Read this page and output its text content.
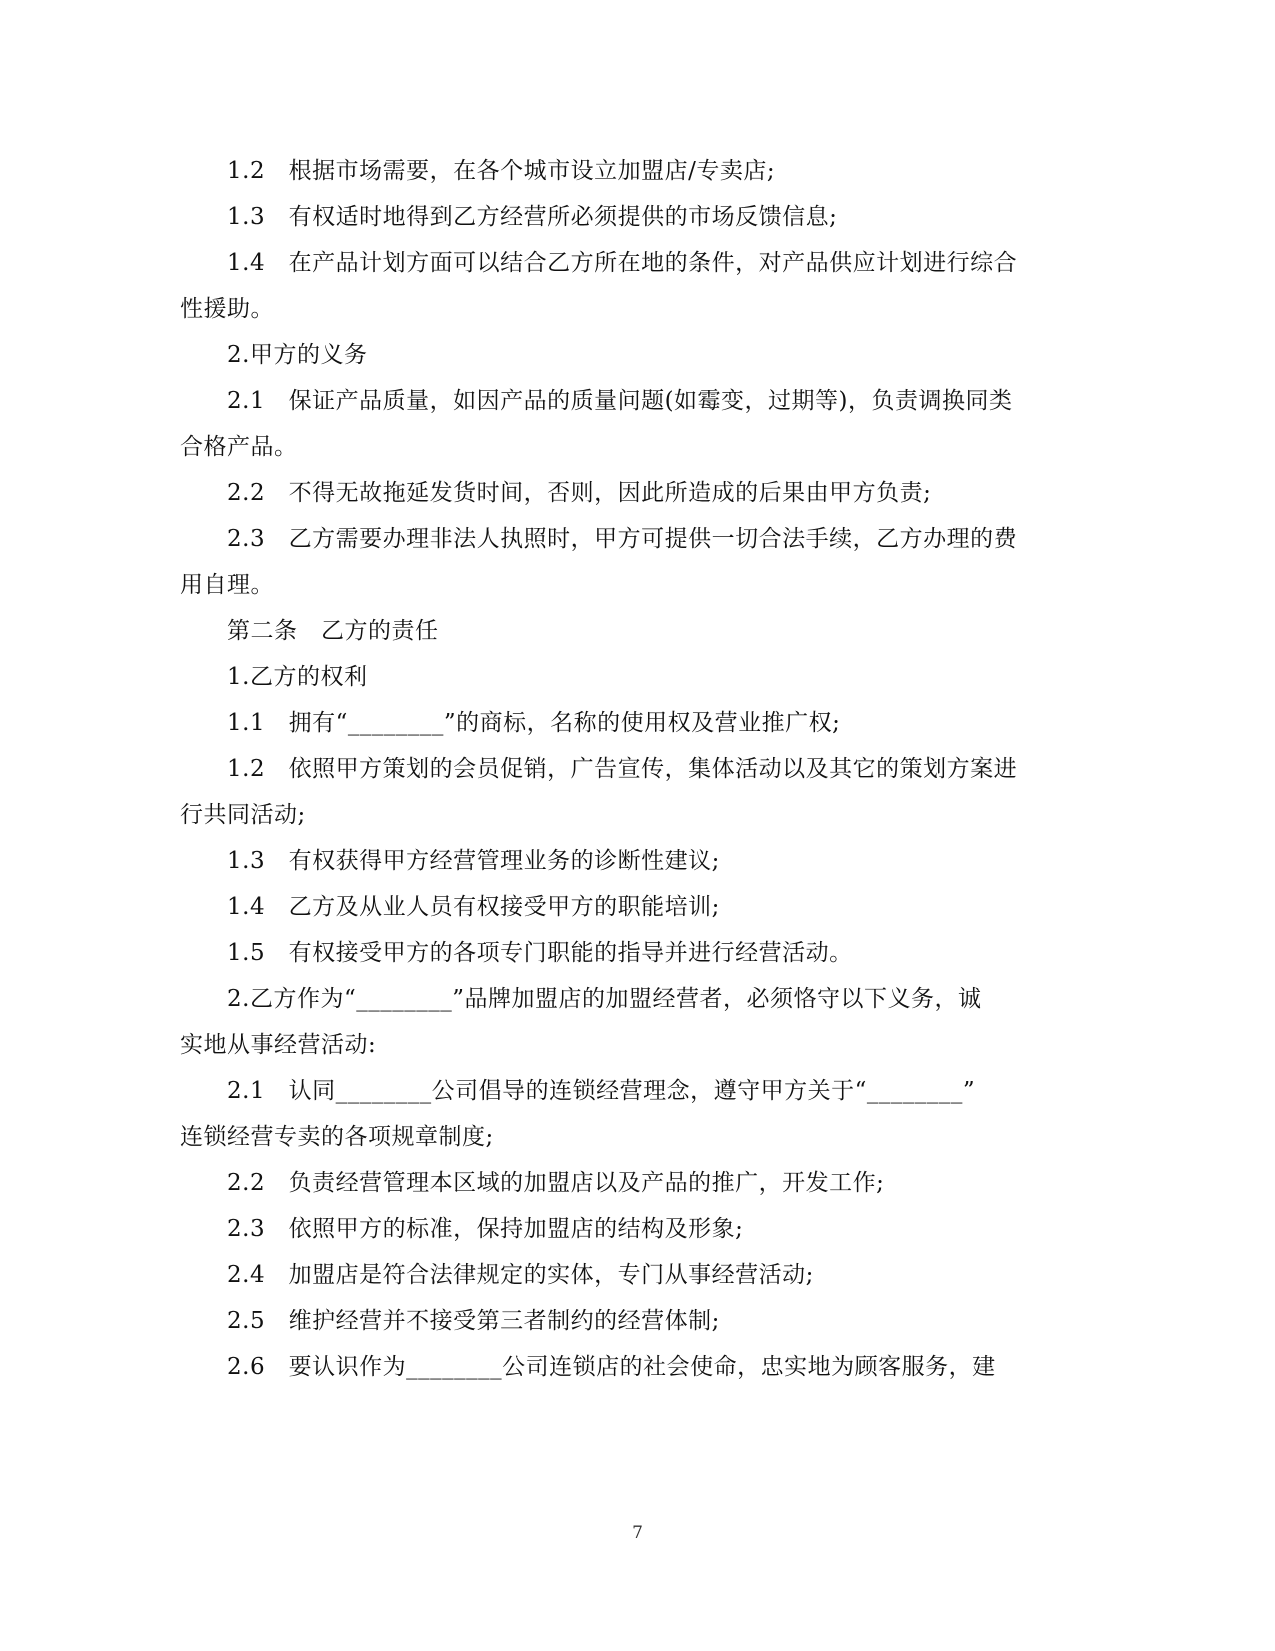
1.2　根据市场需要，在各个城市设立加盟店/专卖店;

1.3　有权适时地得到乙方经营所必须提供的市场反馈信息;

1.4　在产品计划方面可以结合乙方所在地的条件，对产品供应计划进行综合

性援助。

2.甲方的义务

2.1　保证产品质量，如因产品的质量问题(如霉变，过期等)，负责调换同类

合格产品。

2.2　不得无故拖延发货时间，否则，因此所造成的后果由甲方负责;

2.3　乙方需要办理非法人执照时，甲方可提供一切合法手续，乙方办理的费

用自理。

第二条　乙方的责任

1.乙方的权利

1.1　拥有“________”的商标，名称的使用权及营业推广权;

1.2　依照甲方策划的会员促销，广告宣传，集体活动以及其它的策划方案进

行共同活动;

1.3　有权获得甲方经营管理业务的诊断性建议;

1.4　乙方及从业人员有权接受甲方的职能培训;

1.5　有权接受甲方的各项专门职能的指导并进行经营活动。

2.乙方作为“________”品牌加盟店的加盟经营者，必须恪守以下义务，诚

实地从事经营活动:

2.1　认同________公司倡导的连锁经营理念，遵守甲方关于“________”

连锁经营专卖的各项规章制度;

2.2　负责经营管理本区域的加盟店以及产品的推广，开发工作;

2.3　依照甲方的标准，保持加盟店的结构及形象;

2.4　加盟店是符合法律规定的实体，专门从事经营活动;

2.5　维护经营并不接受第三者制约的经营体制;

2.6　要认识作为________公司连锁店的社会使命，忠实地为顾客服务，建

7
